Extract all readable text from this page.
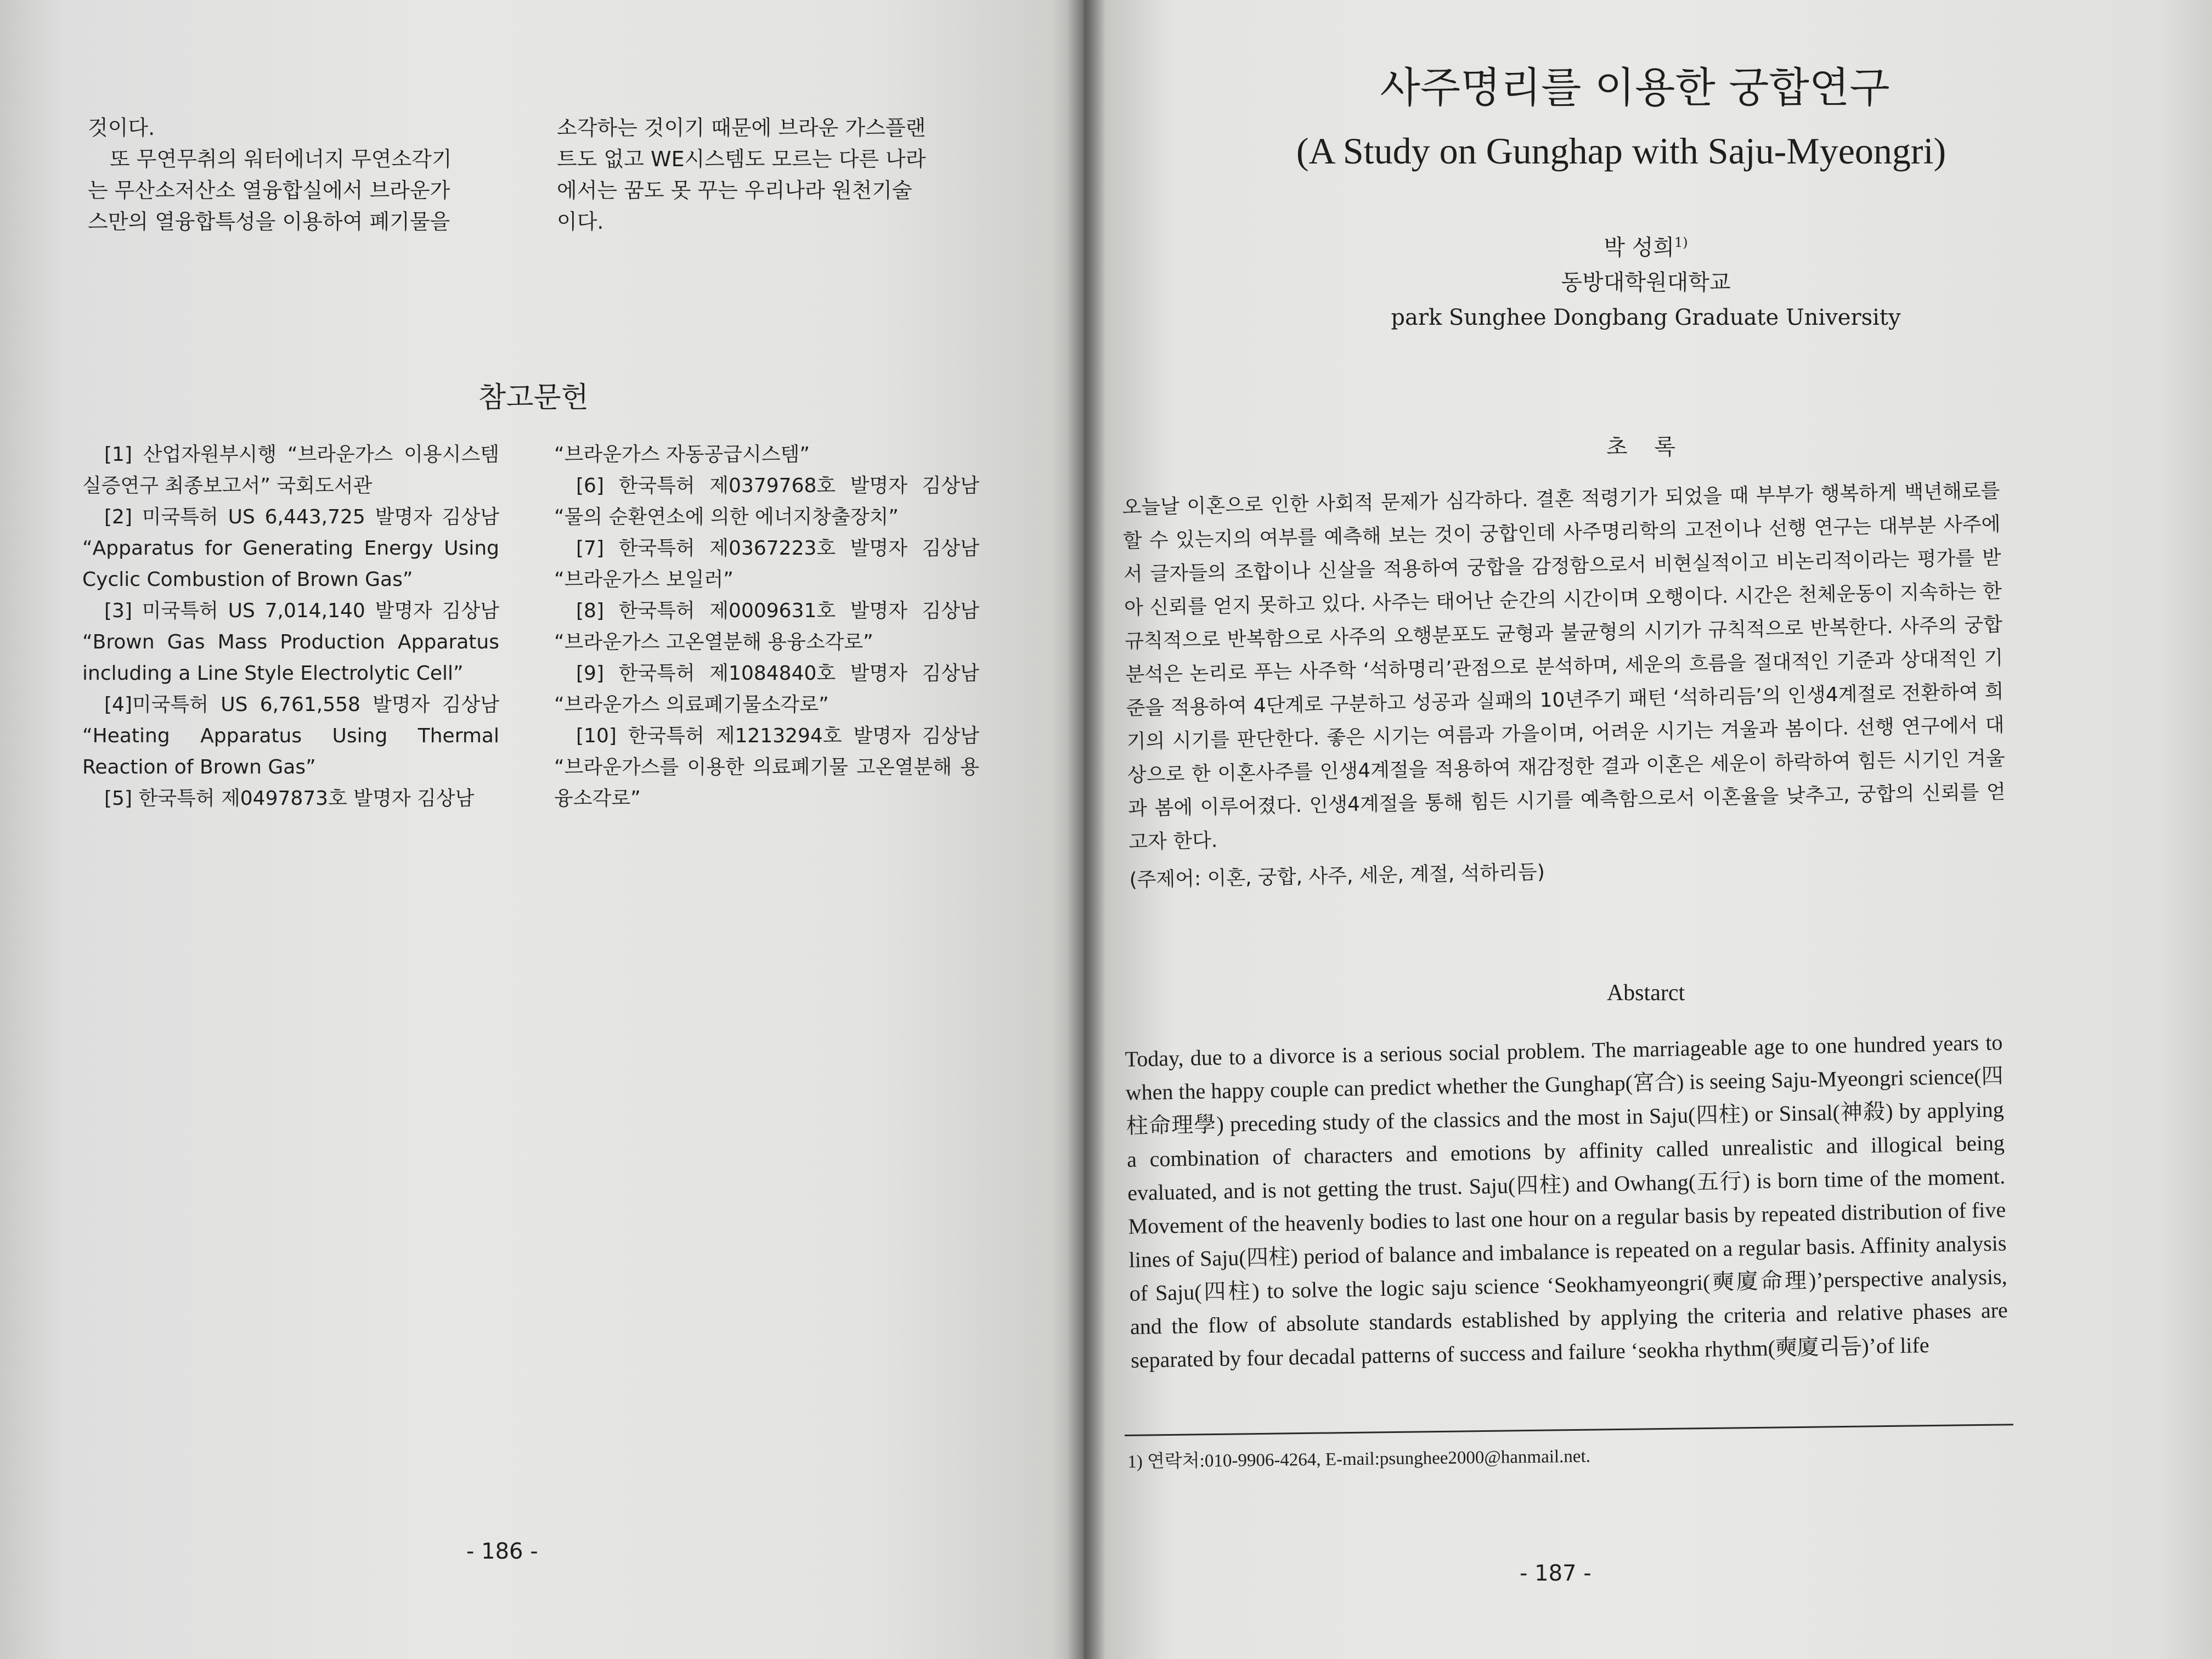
것이다.

또 무연무취의 워터에너지 무연소각기

는 무산소저산소 열융합실에서 브라운가

스만의 열융합특성을 이용하여 폐기물을

소각하는 것이기 때문에 브라운 가스플랜

트도 없고 WE시스템도 모르는 다른 나라

에서는 꿈도 못 꾸는 우리나라 원천기술

이다.

참고문헌

[1] 산업자원부시행 “브라운가스 이용시스템 실증연구 최종보고서” 국회도서관

[2] 미국특허 US 6,443,725 발명자 김상남 “Apparatus for Generating Energy Using Cyclic Combustion of Brown Gas”

[3] 미국특허 US 7,014,140 발명자 김상남 “Brown Gas Mass Production Apparatus including a Line Style Electrolytic Cell”

[4]미국특허 US 6,761,558 발명자 김상남 “Heating Apparatus Using Thermal Reaction of Brown Gas”

[5] 한국특허 제0497873호 발명자 김상남

“브라운가스 자동공급시스템”

[6] 한국특허 제0379768호 발명자 김상남 “물의 순환연소에 의한 에너지창출장치”

[7] 한국특허 제0367223호 발명자 김상남 “브라운가스 보일러”

[8] 한국특허 제0009631호 발명자 김상남 “브라운가스 고온열분해 용융소각로”

[9] 한국특허 제1084840호 발명자 김상남 “브라운가스 의료폐기물소각로”

[10] 한국특허 제1213294호 발명자 김상남 “브라운가스를 이용한 의료폐기물 고온열분해 용융소각로”

- 186 -
사주명리를 이용한 궁합연구
(A Study on Gunghap with Saju-Myeongri)
박 성희$^{1)}$
동방대학원대학교
park Sunghee Dongbang Graduate University
초 록

오늘날 이혼으로 인한 사회적 문제가 심각하다. 결혼 적령기가 되었을 때 부부가 행복하게 백년해로를 할 수 있는지의 여부를 예측해 보는 것이 궁합인데 사주명리학의 고전이나 선행 연구는 대부분 사주에서 글자들의 조합이나 신살을 적용하여 궁합을 감정함으로서 비현실적이고 비논리적이라는 평가를 받아 신뢰를 얻지 못하고 있다. 사주는 태어난 순간의 시간이며 오행이다. 시간은 천체운동이 지속하는 한 규칙적으로 반복함으로 사주의 오행분포도 균형과 불균형의 시기가 규칙적으로 반복한다. 사주의 궁합 분석은 논리로 푸는 사주학 ‘석하명리’관점으로 분석하며, 세운의 흐름을 절대적인 기준과 상대적인 기준을 적용하여 4단계로 구분하고 성공과 실패의 10년주기 패턴 ‘석하리듬’의 인생4계절로 전환하여 희기의 시기를 판단한다. 좋은 시기는 여름과 가을이며, 어려운 시기는 겨울과 봄이다. 선행 연구에서 대상으로 한 이혼사주를 인생4계절을 적용하여 재감정한 결과 이혼은 세운이 하락하여 힘든 시기인 겨울과 봄에 이루어졌다. 인생4계절을 통해 힘든 시기를 예측함으로서 이혼율을 낮추고, 궁합의 신뢰를 얻고자 한다.

(주제어: 이혼, 궁합, 사주, 세운, 계절, 석하리듬)

Abstarct

Today, due to a divorce is a serious social problem. The marriageable age to one hundred years to when the happy couple can predict whether the Gunghap(宮合) is seeing Saju-Myeongri science(四柱命理學) preceding study of the classics and the most in Saju(四柱) or Sinsal(神殺) by applying a combination of characters and emotions by affinity called unrealistic and illogical being evaluated, and is not getting the trust. Saju(四柱) and Owhang(五行) is born time of the moment. Movement of the heavenly bodies to last one hour on a regular basis by repeated distribution of five lines of Saju(四柱) period of balance and imbalance is repeated on a regular basis. Affinity analysis of Saju(四柱) to solve the logic saju science ‘Seokhamyeongri(奭廈命理)’perspective analysis, and the flow of absolute standards established by applying the criteria and relative phases are separated by four decadal patterns of success and failure ‘seokha rhythm(奭廈리듬)’of life

1) 연락처:010-9906-4264, E-mail:psunghee2000@hanmail.net.
- 187 -
